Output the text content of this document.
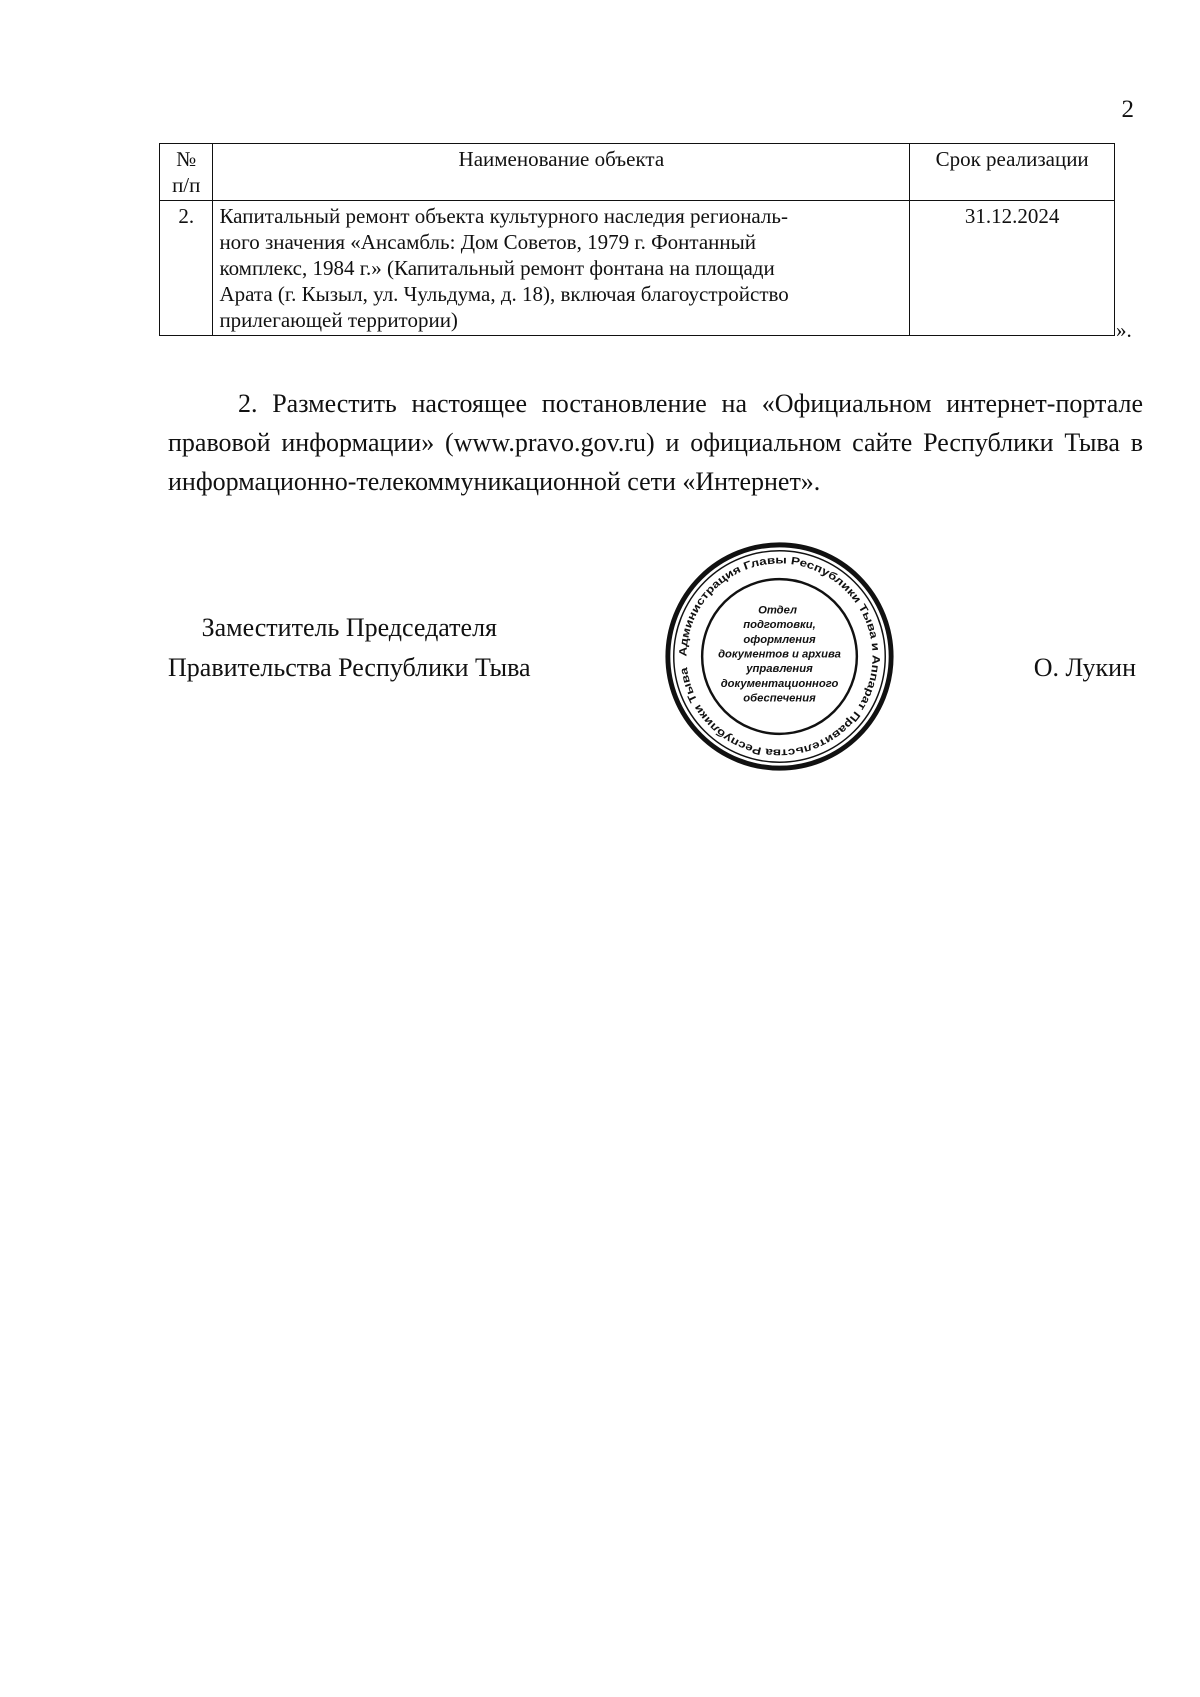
2
№
п/п	Наименование объекта	Срок реализации
2.	Капитальный ремонт объекта культурного наследия региональ-
ного значения «Ансамбль: Дом Советов, 1979 г. Фонтанный
комплекс, 1984 г.» (Капитальный ремонт фонтана на площади
Арата (г. Кызыл, ул. Чульдума, д. 18), включая благоустройство
прилегающей территории)	31.12.2024
».
2. Разместить настоящее постановление на «Официальном интернет-портале правовой информации» (www.pravo.gov.ru) и официальном сайте Республики Тыва в информационно-телекоммуникационной сети «Интернет».
Заместитель Председателя
Правительства Республики Тыва
Администрация Главы Республики Тыва и Аппарат Правительства Республики Тыва
Отдел
подготовки,
оформления
документов и архива
управления
документационного
обеспечения
О. Лукин
